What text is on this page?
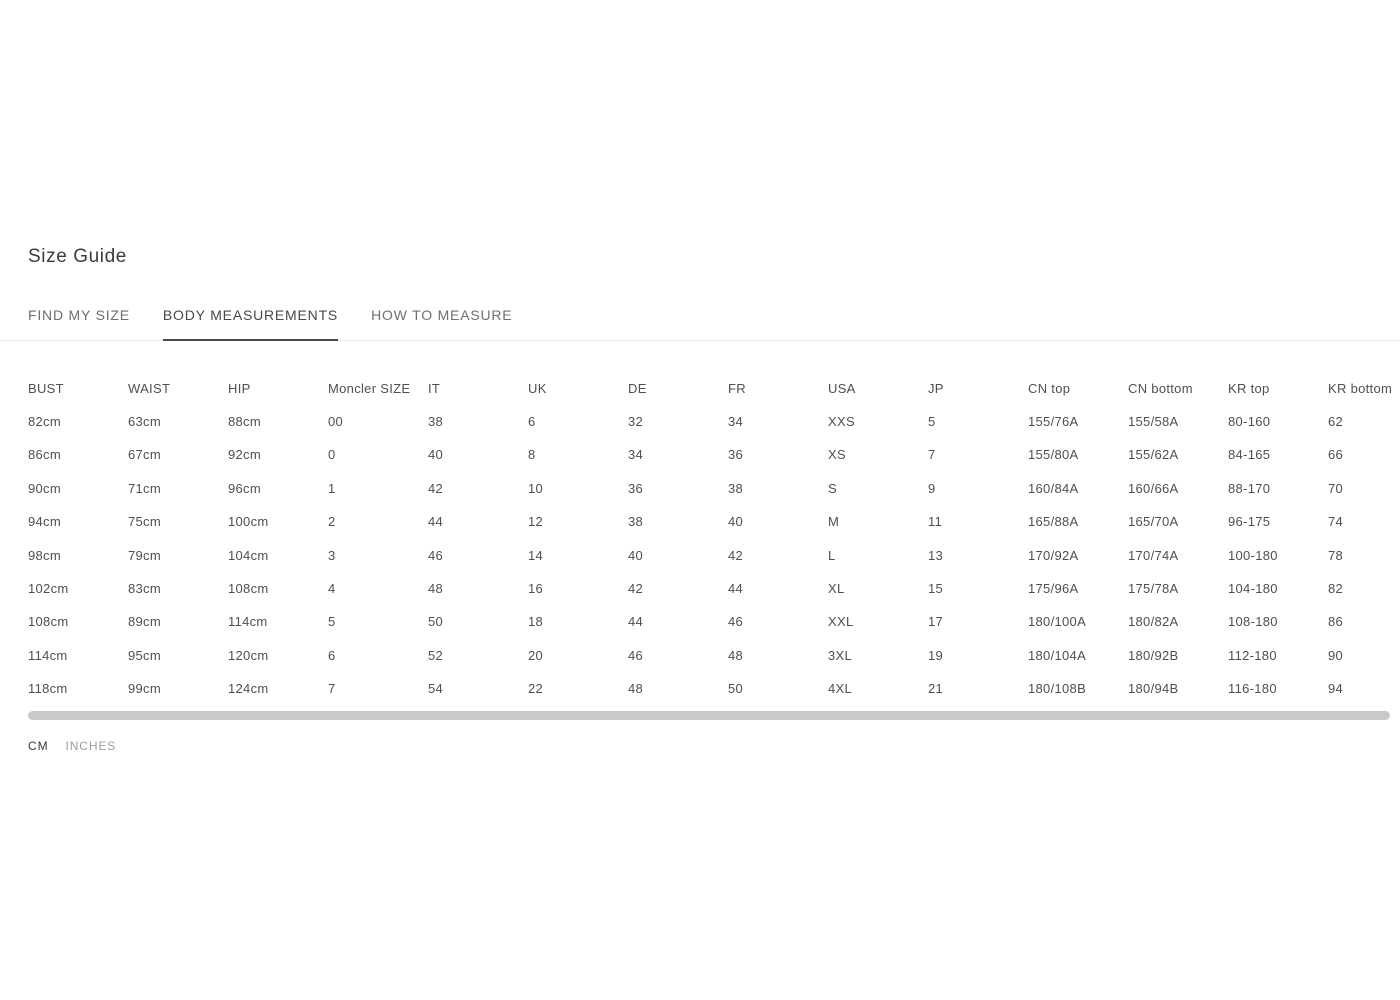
Size Guide
FIND MY SIZE BODY MEASUREMENTS HOW TO MEASURE
BUST	WAIST	HIP	Moncler SIZE	IT	UK	DE	FR	USA	JP	CN top	CN bottom	KR top	KR bottom
82cm	63cm	88cm	00	38	6	32	34	XXS	5	155/76A	155/58A	80-160	62
86cm	67cm	92cm	0	40	8	34	36	XS	7	155/80A	155/62A	84-165	66
90cm	71cm	96cm	1	42	10	36	38	S	9	160/84A	160/66A	88-170	70
94cm	75cm	100cm	2	44	12	38	40	M	11	165/88A	165/70A	96-175	74
98cm	79cm	104cm	3	46	14	40	42	L	13	170/92A	170/74A	100-180	78
102cm	83cm	108cm	4	48	16	42	44	XL	15	175/96A	175/78A	104-180	82
108cm	89cm	114cm	5	50	18	44	46	XXL	17	180/100A	180/82A	108-180	86
114cm	95cm	120cm	6	52	20	46	48	3XL	19	180/104A	180/92B	112-180	90
118cm	99cm	124cm	7	54	22	48	50	4XL	21	180/108B	180/94B	116-180	94
CM INCHES
